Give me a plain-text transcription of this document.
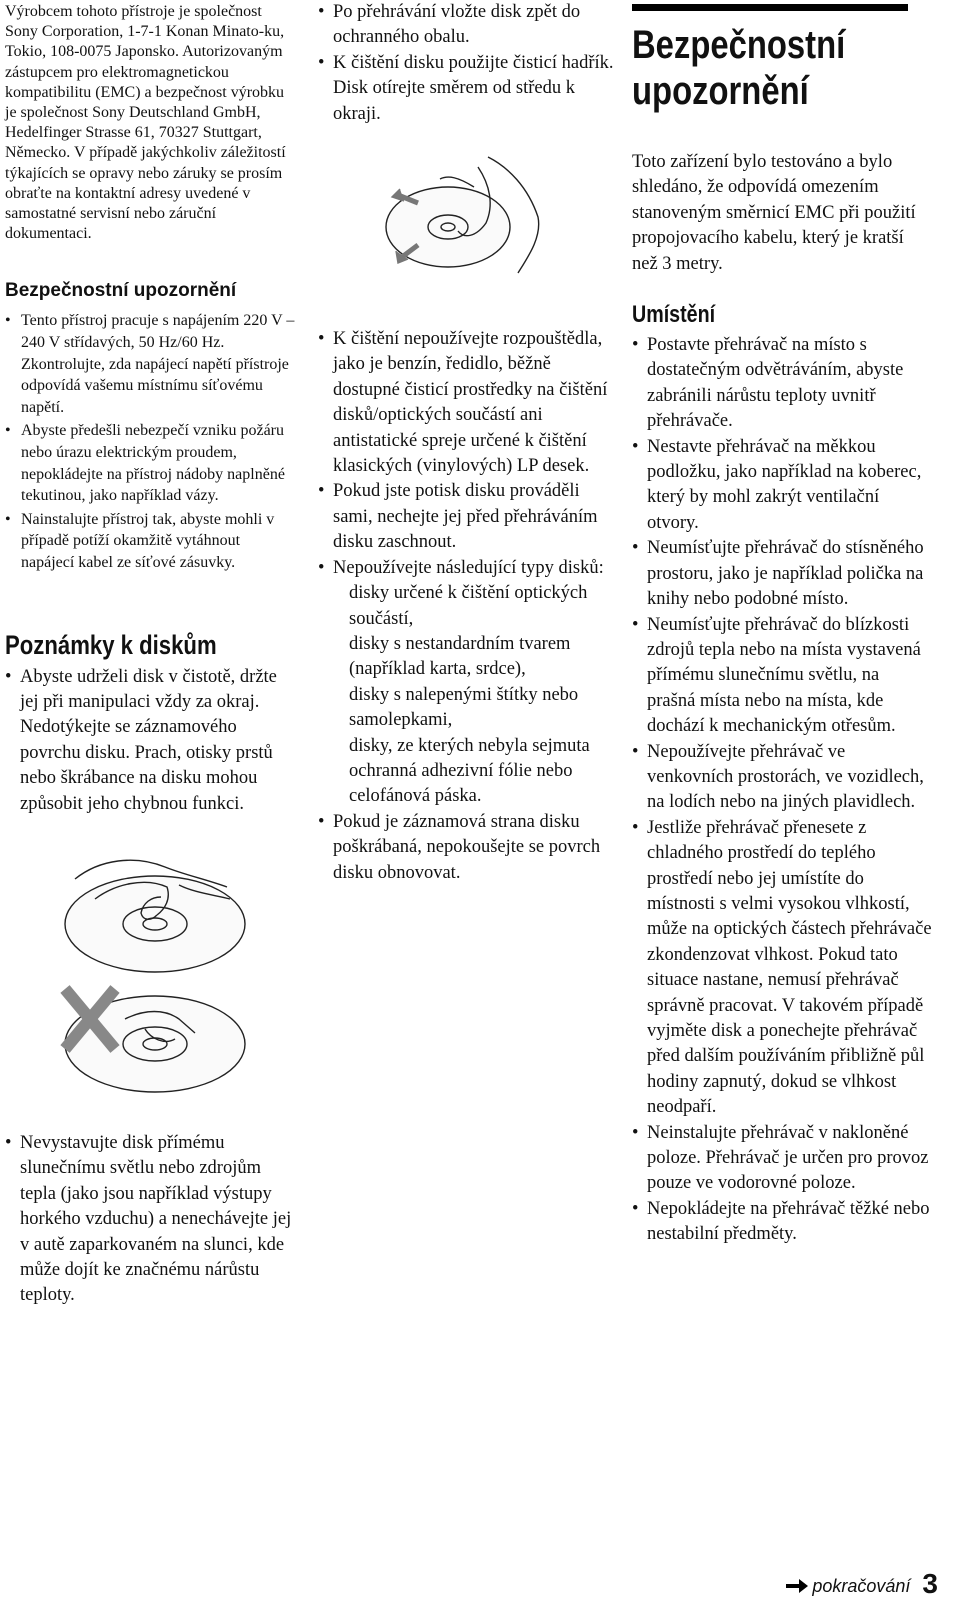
Výrobcem tohoto přístroje je společnost Sony Corporation, 1-7-1 Konan Minato-ku, Tokio, 108-0075 Japonsko. Autorizovaným zástupcem pro elektromagnetickou kompatibilitu (EMC) a bezpečnost výrobku je společnost Sony Deutschland GmbH, Hedelfinger Strasse 61, 70327 Stuttgart, Německo. V případě jakýchkoliv záležitostí týkajících se opravy nebo záruky se prosím obraťte na kontaktní adresy uvedené v samostatné servisní nebo záruční dokumentaci.

Bezpečnostní upozornění
• Tento přístroj pracuje s napájením 220 V – 240 V střídavých, 50 Hz/60 Hz. Zkontrolujte, zda napájecí napětí přístroje odpovídá vašemu místnímu síťovému napětí.
• Abyste předešli nebezpečí vzniku požáru nebo úrazu elektrickým proudem, nepokládejte na přístroj nádoby naplněné tekutinou, jako například vázy.
• Nainstalujte přístroj tak, abyste mohli v případě potíží okamžitě vytáhnout napájecí kabel ze síťové zásuvky.
Poznámky k diskům
• Abyste udrželi disk v čistotě, držte jej při manipulaci vždy za okraj. Nedotýkejte se záznamového povrchu disku. Prach, otisky prstů nebo škrábance na disku mohou způsobit jeho chybnou funkci.
• Nevystavujte disk přímému slunečnímu světlu nebo zdrojům tepla (jako jsou například výstupy horkého vzduchu) a nenechávejte jej v autě zaparkovaném na slunci, kde může dojít ke značnému nárůstu teploty.
• Po přehrávání vložte disk zpět do ochranného obalu.
• K čištění disku použijte čisticí hadřík. Disk otírejte směrem od středu k okraji.
• K čištění nepoužívejte rozpouštědla, jako je benzín, ředidlo, běžně dostupné čisticí prostředky na čištění disků/optických součástí ani antistatické spreje určené k čištění klasických (vinylových) LP desek.
• Pokud jste potisk disku prováděli sami, nechejte jej před přehráváním disku zaschnout.
• Nepoužívejte následující typy disků:
disky určené k čištění optických součástí,
disky s nestandardním tvarem (například karta, srdce),
disky s nalepenými štítky nebo samolepkami,
disky, ze kterých nebyla sejmuta ochranná adhezivní fólie nebo celofánová páska.
• Pokud je záznamová strana disku poškrábaná, nepokoušejte se povrch disku obnovovat.
Bezpečnostní upozornění

Toto zařízení bylo testováno a bylo shledáno, že odpovídá omezením stanoveným směrnicí EMC při použití propojovacího kabelu, který je kratší než 3 metry.

Umístění
• Postavte přehrávač na místo s dostatečným odvětráváním, abyste zabránili nárůstu teploty uvnitř přehrávače.
• Nestavte přehrávač na měkkou podložku, jako například na koberec, který by mohl zakrýt ventilační otvory.
• Neumísťujte přehrávač do stísněného prostoru, jako je například polička na knihy nebo podobné místo.
• Neumísťujte přehrávač do blízkosti zdrojů tepla nebo na místa vystavená přímému slunečnímu světlu, na prašná místa nebo na místa, kde dochází k mechanickým otřesům.
• Nepoužívejte přehrávač ve venkovních prostorách, ve vozidlech, na lodích nebo na jiných plavidlech.
• Jestliže přehrávač přenesete z chladného prostředí do teplého prostředí nebo jej umístíte do místnosti s velmi vysokou vlhkostí, může na optických částech přehrávače zkondenzovat vlhkost. Pokud tato situace nastane, nemusí přehrávač správně pracovat. V takovém případě vyjměte disk a ponechejte přehrávač před dalším používáním přibližně půl hodiny zapnutý, dokud se vlhkost neodpaří.
• Neinstalujte přehrávač v nakloněné poloze. Přehrávač je určen pro provoz pouze ve vodorovné poloze.
• Nepokládejte na přehrávač těžké nebo nestabilní předměty.
pokračování 3
